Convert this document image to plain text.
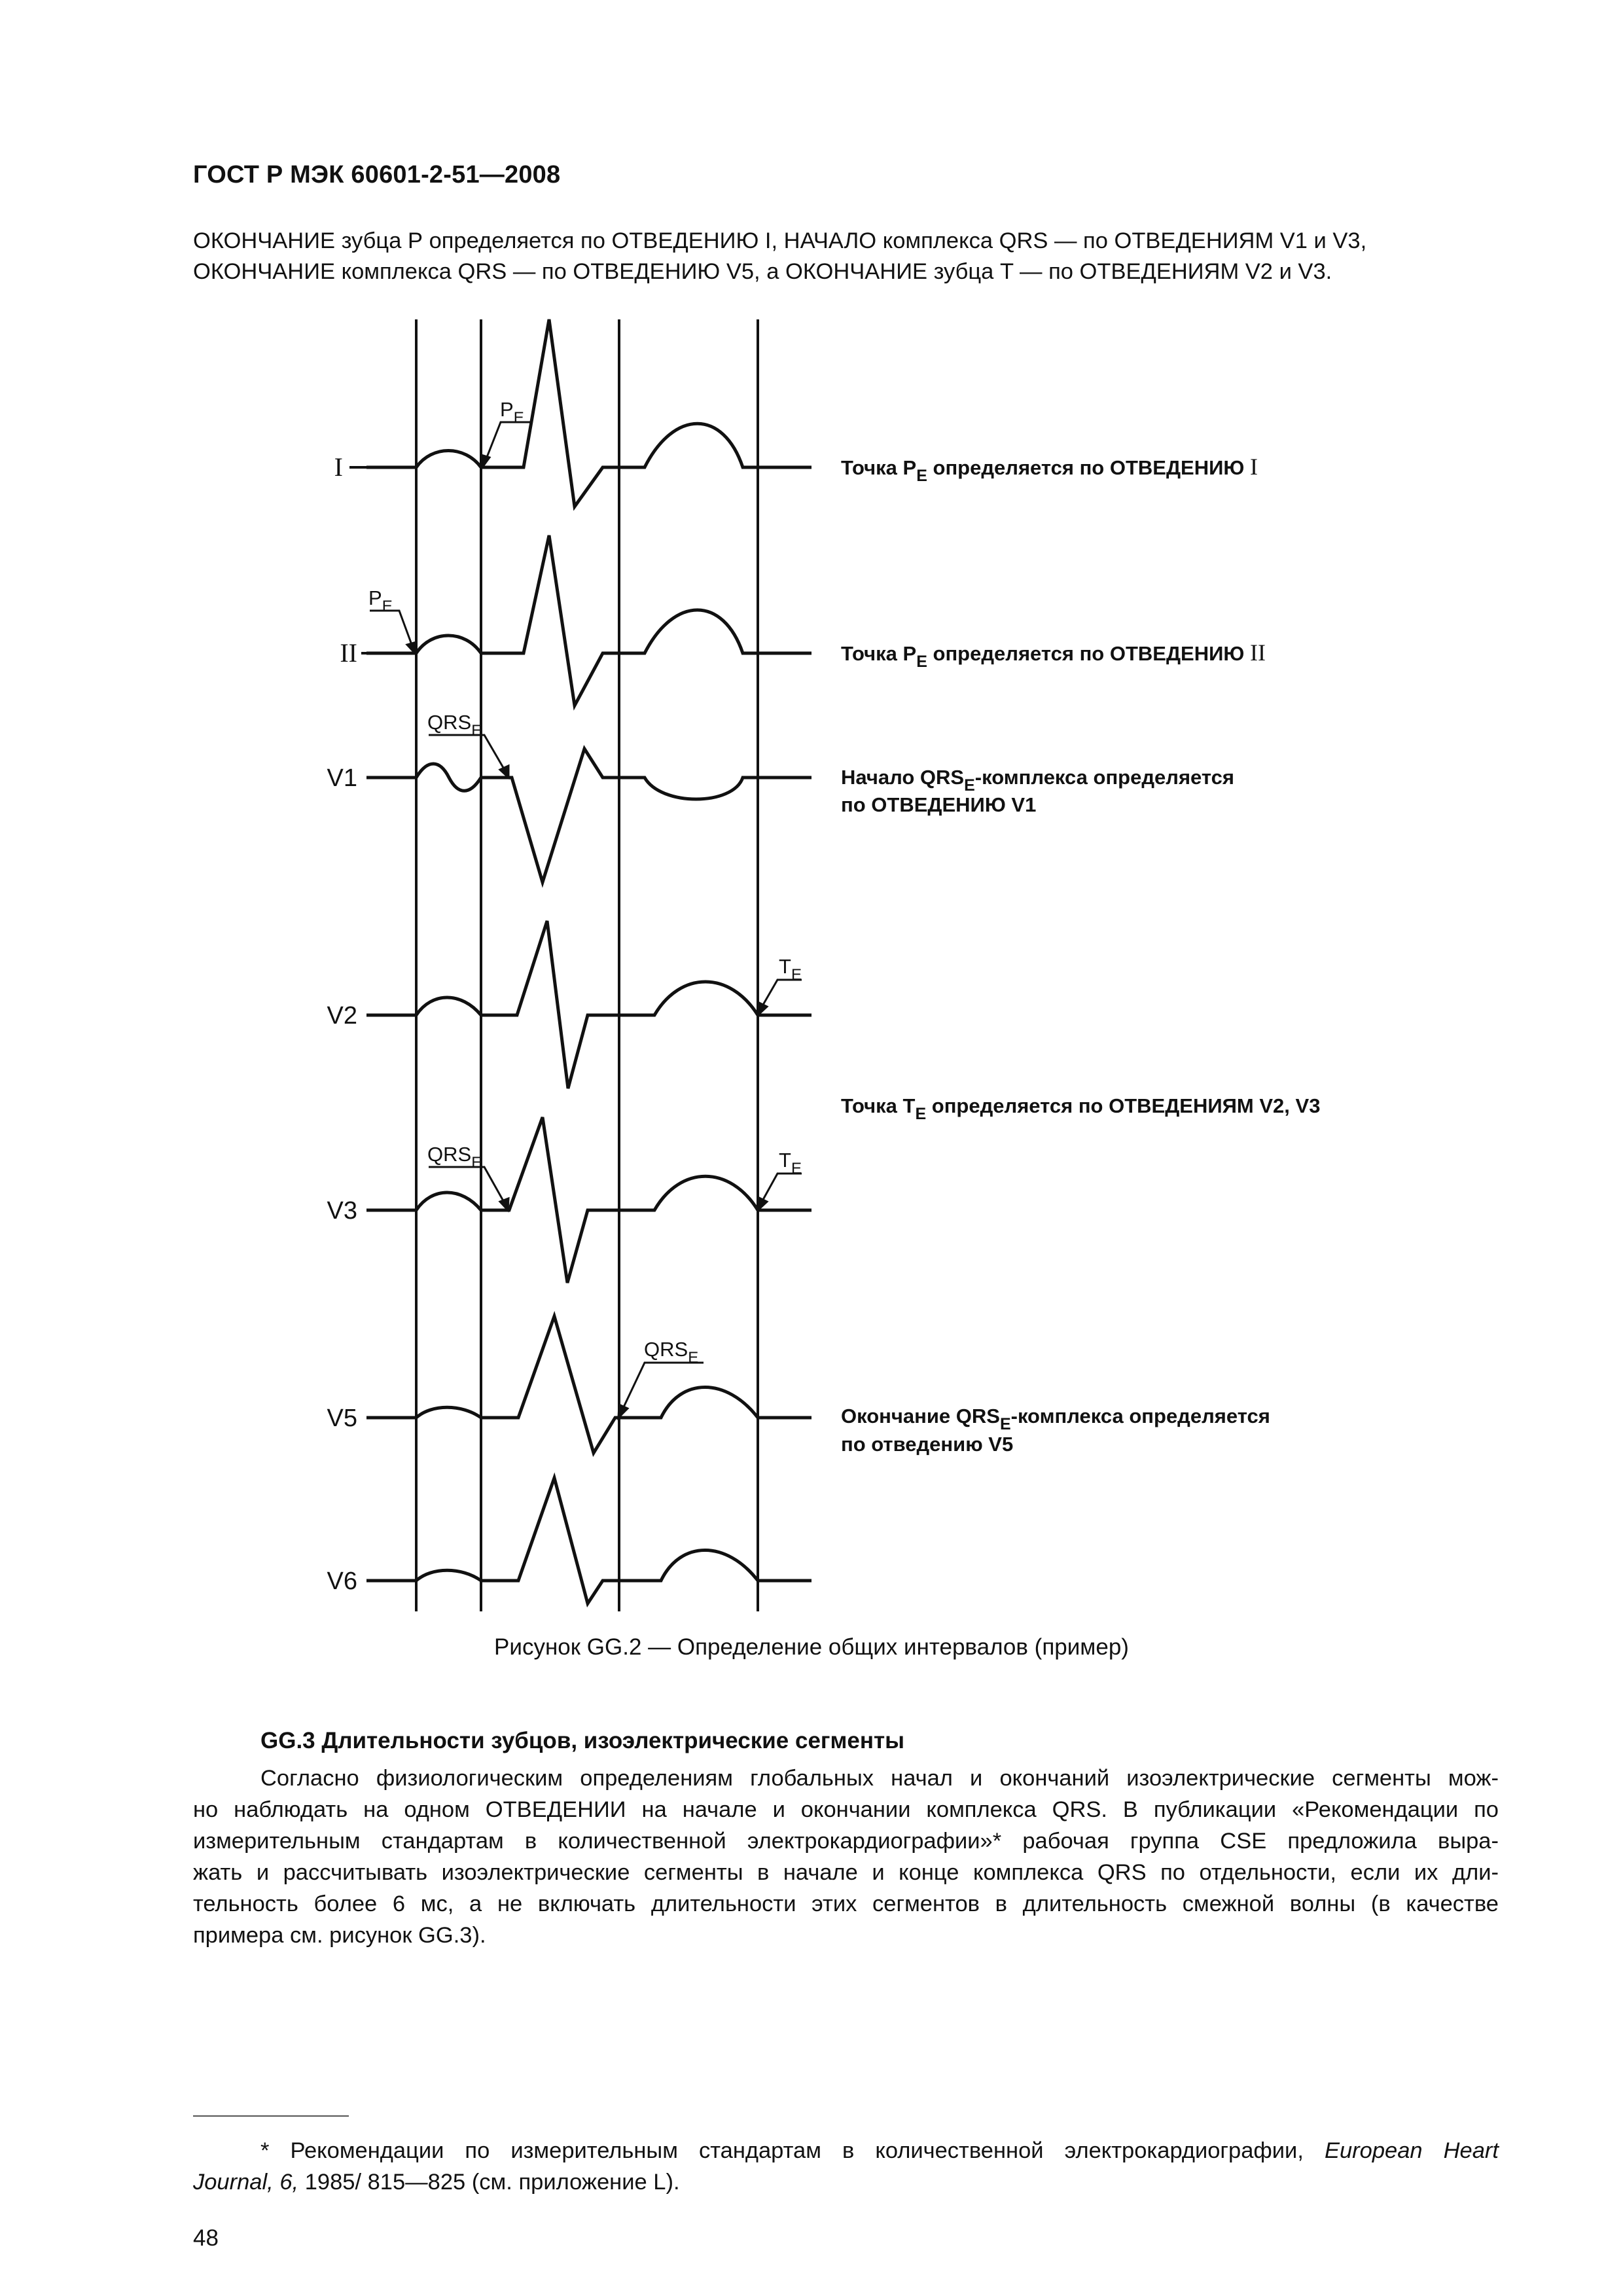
ГОСТ Р МЭК 60601-2-51—2008
ОКОНЧАНИЕ зубца Р определяется по ОТВЕДЕНИЮ I, НАЧАЛО комплекса QRS — по ОТВЕДЕНИЯМ V1 и V3,
ОКОНЧАНИЕ комплекса QRS — по ОТВЕДЕНИЮ V5, а ОКОНЧАНИЕ зубца T — по ОТВЕДЕНИЯМ V2 и V3.
I
II
V1
V2
V3
V5
V6
$P_E$
$P_E$
$QRS_E$
$T_E$
$QRS_E$	$T_E$
$QRS_E$
Точка $P_E$ определяется по ОТВЕДЕНИЮ I
Точка $P_E$ определяется по ОТВЕДЕНИЮ II
Начало $QRS_E$-комплекса определяется
по ОТВЕДЕНИЮ V1
Точка $T_E$ определяется по ОТВЕДЕНИЯМ V2, V3
Окончание $QRS_E$-комплекса определяется
по отведению V5
Рисунок GG.2 — Определение общих интервалов (пример)
GG.3 Длительности зубцов, изоэлектрические сегменты
Согласно физиологическим определениям глобальных начал и окончаний изоэлектрические сегменты мож-
но наблюдать на одном ОТВЕДЕНИИ на начале и окончании комплекса QRS. В публикации «Рекомендации по
измерительным стандартам в количественной электрокардиографии»* рабочая группа CSE предложила выра-
жать и рассчитывать изоэлектрические сегменты в начале и конце комплекса QRS по отдельности, если их дли-
тельность более 6 мс, а не включать длительности этих сегментов в длительность смежной волны (в качестве
примера см. рисунок GG.3).
* Рекомендации по измерительным стандартам в количественной электрокардиографии, European Heart
Journal, 6, 1985/ 815—825 (см. приложение L).
48
